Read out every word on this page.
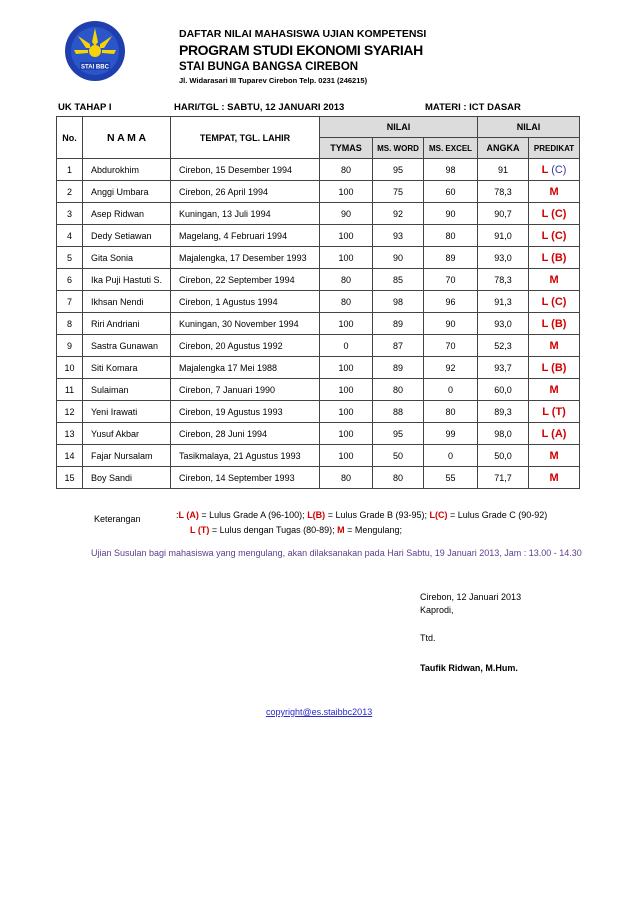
STAI BBC
DAFTAR NILAI MAHASISWA UJIAN KOMPETENSI
PROGRAM STUDI EKONOMI SYARIAH
STAI BUNGA BANGSA CIREBON
Jl. Widarasari III Tuparev Cirebon Telp. 0231 (246215)
UK TAHAP I	HARI/TGL : SABTU, 12 JANUARI 2013	MATERI : ICT DASAR
No.	N A M A	TEMPAT, TGL. LAHIR	NILAI			NILAI	
			TYMAS	MS. WORD	MS. EXCEL	ANGKA	PREDIKAT
1	Abdurokhim	Cirebon, 15 Desember 1994	80	95	98	91	L (C)
2	Anggi Umbara	Cirebon, 26 April 1994	100	75	60	78,3	M
3	Asep Ridwan	Kuningan, 13 Juli 1994	90	92	90	90,7	L (C)
4	Dedy Setiawan	Magelang, 4 Februari 1994	100	93	80	91,0	L (C)
5	Gita Sonia	Majalengka, 17 Desember 1993	100	90	89	93,0	L (B)
6	Ika Puji Hastuti S.	Cirebon, 22 September 1994	80	85	70	78,3	M
7	Ikhsan Nendi	Cirebon, 1 Agustus 1994	80	98	96	91,3	L (C)
8	Riri Andriani	Kuningan, 30 November 1994	100	89	90	93,0	L (B)
9	Sastra Gunawan	Cirebon, 20 Agustus 1992	0	87	70	52,3	M
10	Siti Komara	Majalengka 17 Mei 1988	100	89	92	93,7	L (B)
11	Sulaiman	Cirebon, 7 Januari 1990	100	80	0	60,0	M
12	Yeni Irawati	Cirebon, 19 Agustus 1993	100	88	80	89,3	L (T)
13	Yusuf Akbar	Cirebon, 28 Juni 1994	100	95	99	98,0	L (A)
14	Fajar Nursalam	Tasikmalaya, 21 Agustus 1993	100	50	0	50,0	M
15	Boy Sandi	Cirebon, 14 September 1993	80	80	55	71,7	M
Keterangan	:L (A) = Lulus Grade A (96-100); L(B) = Lulus Grade B (93-95); L(C) = Lulus Grade C (90-92)
L (T) = Lulus dengan Tugas (80-89); M = Mengulang;
Ujian Susulan bagi mahasiswa yang mengulang, akan dilaksanakan pada Hari Sabtu, 19 Januari 2013, Jam : 13.00 - 14.30
Cirebon, 12 Januari 2013
Kaprodi,
Ttd.
Taufik Ridwan, M.Hum.
copyright@es.staibbc2013
